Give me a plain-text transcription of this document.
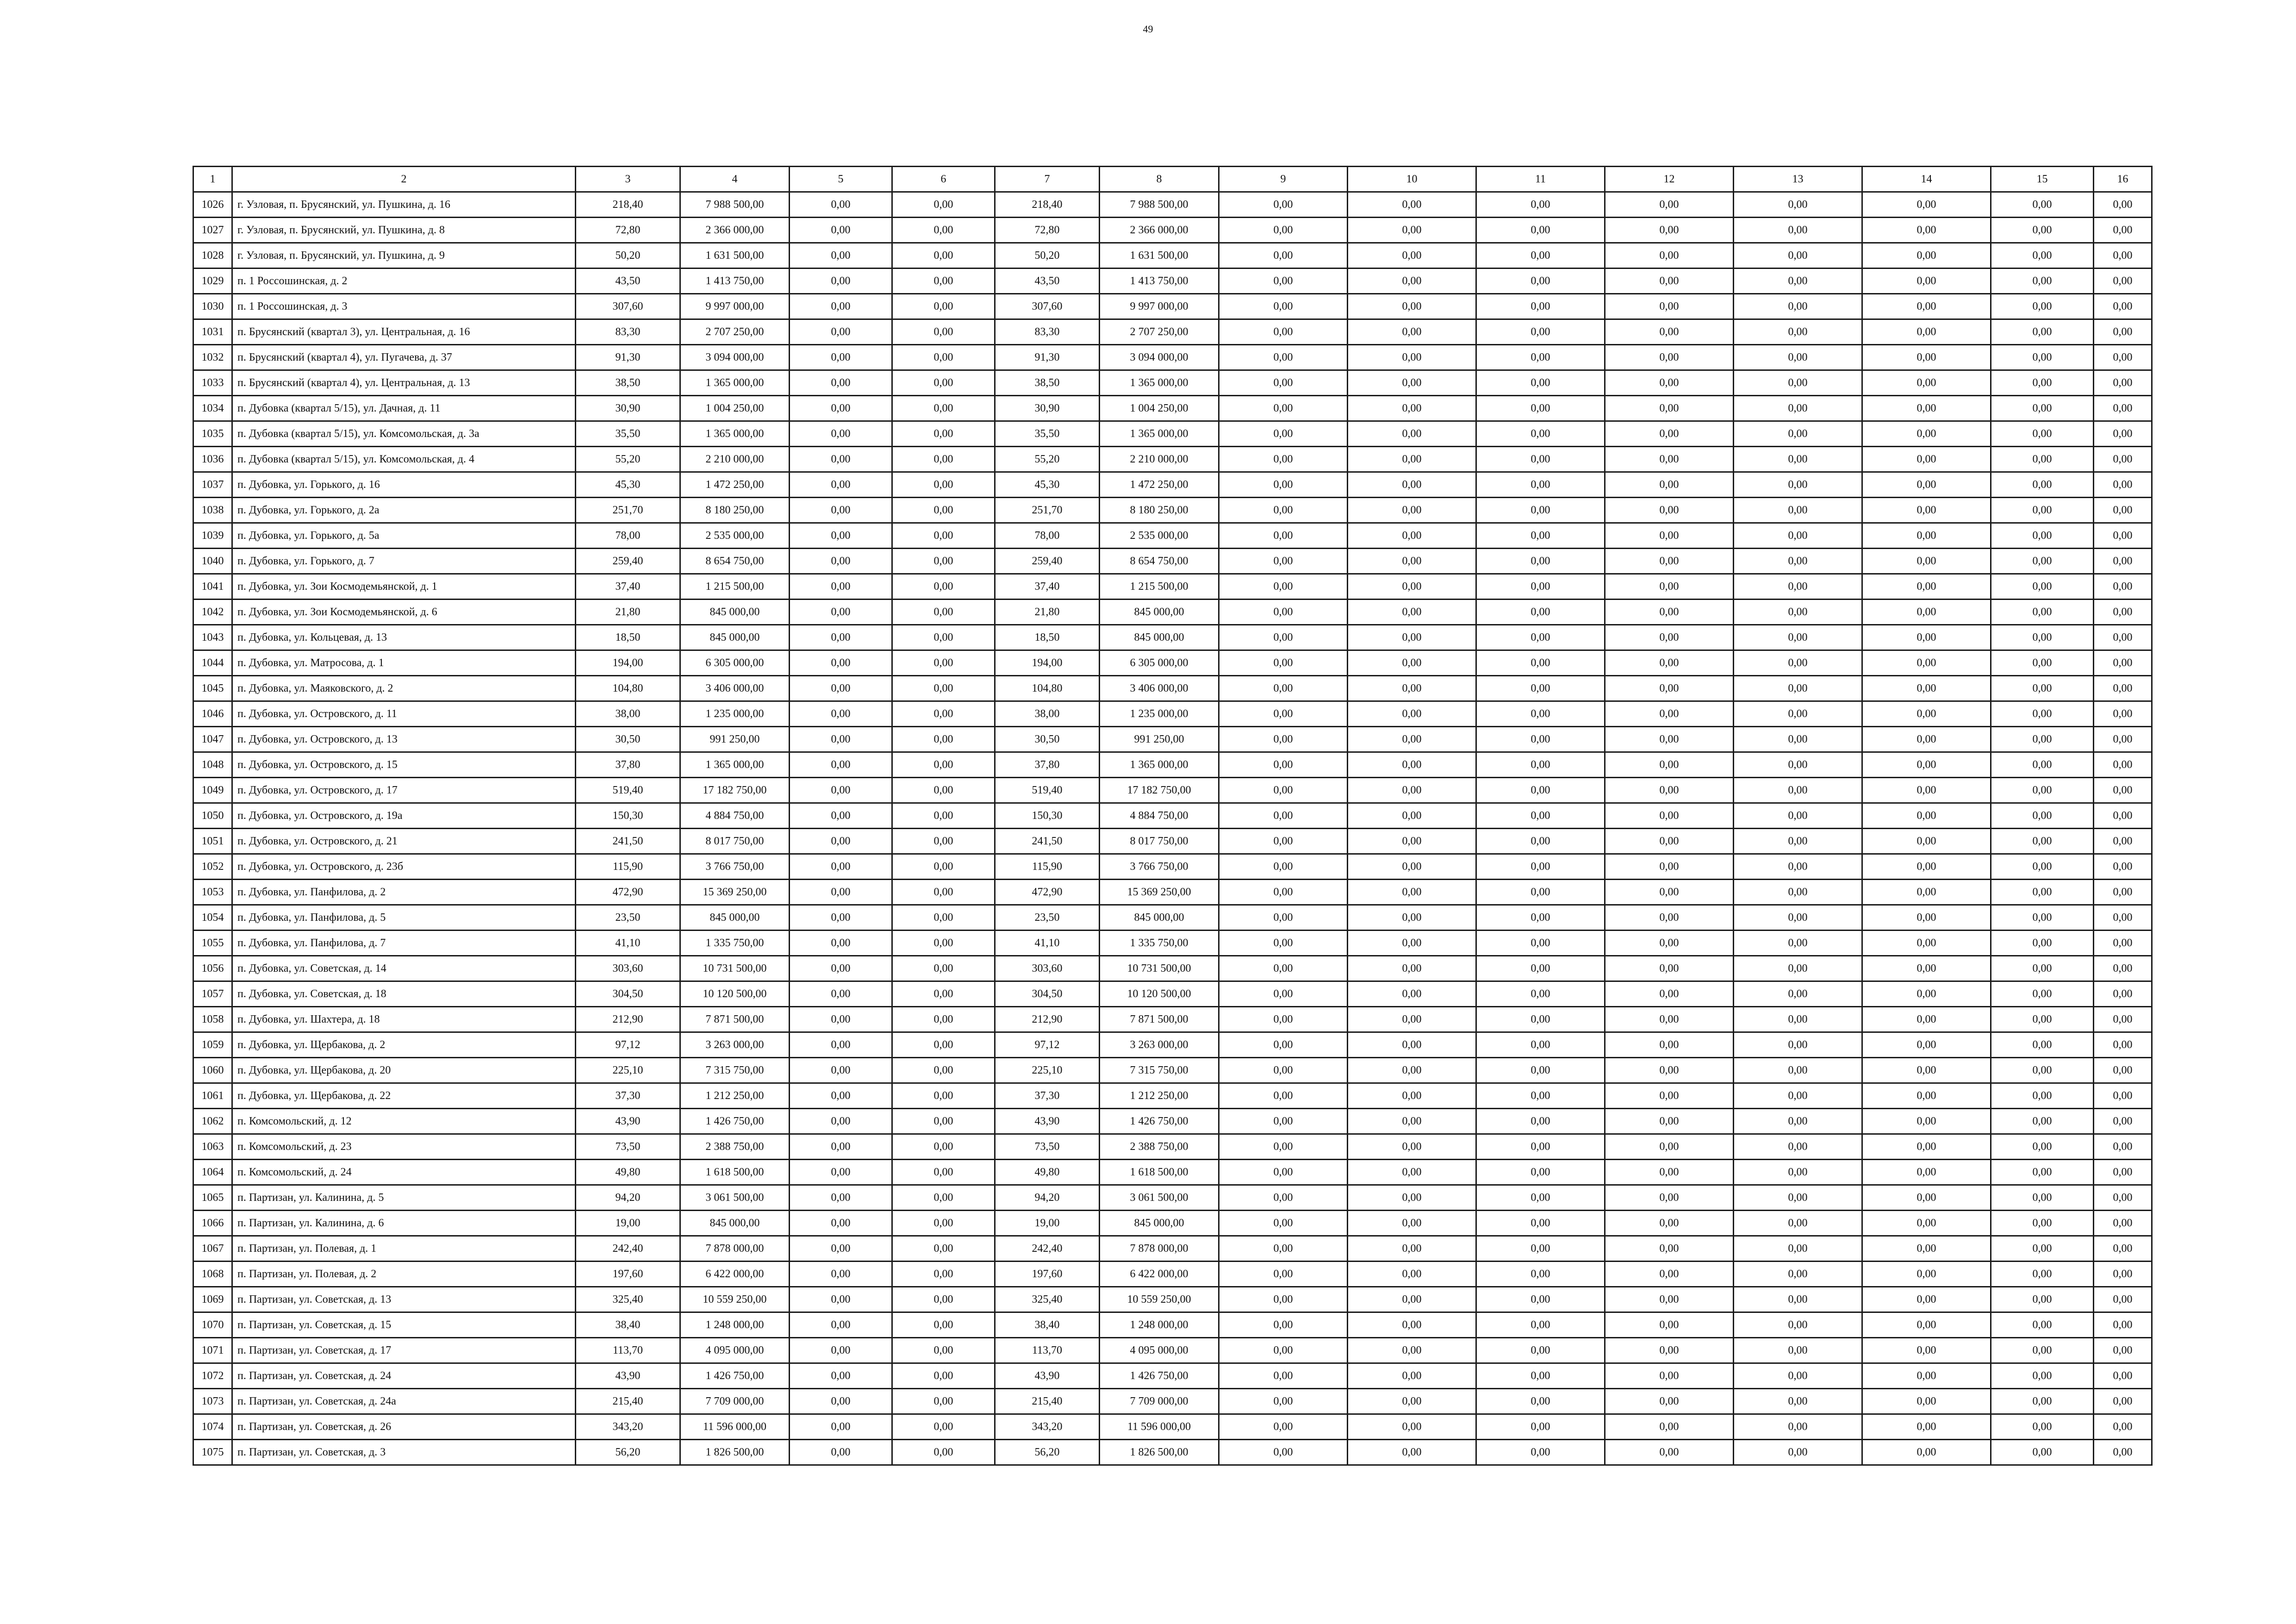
49
1	2	3	4	5	6	7	8	9	10	11	12	13	14	15	16
1026	г. Узловая, п. Брусянский, ул. Пушкина, д. 16	218,40	7 988 500,00	0,00	0,00	218,40	7 988 500,00	0,00	0,00	0,00	0,00	0,00	0,00	0,00	0,00
1027	г. Узловая, п. Брусянский, ул. Пушкина, д. 8	72,80	2 366 000,00	0,00	0,00	72,80	2 366 000,00	0,00	0,00	0,00	0,00	0,00	0,00	0,00	0,00
1028	г. Узловая, п. Брусянский, ул. Пушкина, д. 9	50,20	1 631 500,00	0,00	0,00	50,20	1 631 500,00	0,00	0,00	0,00	0,00	0,00	0,00	0,00	0,00
1029	п. 1 Россошинская, д. 2	43,50	1 413 750,00	0,00	0,00	43,50	1 413 750,00	0,00	0,00	0,00	0,00	0,00	0,00	0,00	0,00
1030	п. 1 Россошинская, д. 3	307,60	9 997 000,00	0,00	0,00	307,60	9 997 000,00	0,00	0,00	0,00	0,00	0,00	0,00	0,00	0,00
1031	п. Брусянский (квартал 3), ул. Центральная, д. 16	83,30	2 707 250,00	0,00	0,00	83,30	2 707 250,00	0,00	0,00	0,00	0,00	0,00	0,00	0,00	0,00
1032	п. Брусянский (квартал 4), ул. Пугачева, д. 37	91,30	3 094 000,00	0,00	0,00	91,30	3 094 000,00	0,00	0,00	0,00	0,00	0,00	0,00	0,00	0,00
1033	п. Брусянский (квартал 4), ул. Центральная, д. 13	38,50	1 365 000,00	0,00	0,00	38,50	1 365 000,00	0,00	0,00	0,00	0,00	0,00	0,00	0,00	0,00
1034	п. Дубовка (квартал 5/15), ул. Дачная, д. 11	30,90	1 004 250,00	0,00	0,00	30,90	1 004 250,00	0,00	0,00	0,00	0,00	0,00	0,00	0,00	0,00
1035	п. Дубовка (квартал 5/15), ул. Комсомольская, д. 3а	35,50	1 365 000,00	0,00	0,00	35,50	1 365 000,00	0,00	0,00	0,00	0,00	0,00	0,00	0,00	0,00
1036	п. Дубовка (квартал 5/15), ул. Комсомольская, д. 4	55,20	2 210 000,00	0,00	0,00	55,20	2 210 000,00	0,00	0,00	0,00	0,00	0,00	0,00	0,00	0,00
1037	п. Дубовка, ул. Горького, д. 16	45,30	1 472 250,00	0,00	0,00	45,30	1 472 250,00	0,00	0,00	0,00	0,00	0,00	0,00	0,00	0,00
1038	п. Дубовка, ул. Горького, д. 2а	251,70	8 180 250,00	0,00	0,00	251,70	8 180 250,00	0,00	0,00	0,00	0,00	0,00	0,00	0,00	0,00
1039	п. Дубовка, ул. Горького, д. 5а	78,00	2 535 000,00	0,00	0,00	78,00	2 535 000,00	0,00	0,00	0,00	0,00	0,00	0,00	0,00	0,00
1040	п. Дубовка, ул. Горького, д. 7	259,40	8 654 750,00	0,00	0,00	259,40	8 654 750,00	0,00	0,00	0,00	0,00	0,00	0,00	0,00	0,00
1041	п. Дубовка, ул. Зои Космодемьянской, д. 1	37,40	1 215 500,00	0,00	0,00	37,40	1 215 500,00	0,00	0,00	0,00	0,00	0,00	0,00	0,00	0,00
1042	п. Дубовка, ул. Зои Космодемьянской, д. 6	21,80	845 000,00	0,00	0,00	21,80	845 000,00	0,00	0,00	0,00	0,00	0,00	0,00	0,00	0,00
1043	п. Дубовка, ул. Кольцевая, д. 13	18,50	845 000,00	0,00	0,00	18,50	845 000,00	0,00	0,00	0,00	0,00	0,00	0,00	0,00	0,00
1044	п. Дубовка, ул. Матросова, д. 1	194,00	6 305 000,00	0,00	0,00	194,00	6 305 000,00	0,00	0,00	0,00	0,00	0,00	0,00	0,00	0,00
1045	п. Дубовка, ул. Маяковского, д. 2	104,80	3 406 000,00	0,00	0,00	104,80	3 406 000,00	0,00	0,00	0,00	0,00	0,00	0,00	0,00	0,00
1046	п. Дубовка, ул. Островского, д. 11	38,00	1 235 000,00	0,00	0,00	38,00	1 235 000,00	0,00	0,00	0,00	0,00	0,00	0,00	0,00	0,00
1047	п. Дубовка, ул. Островского, д. 13	30,50	991 250,00	0,00	0,00	30,50	991 250,00	0,00	0,00	0,00	0,00	0,00	0,00	0,00	0,00
1048	п. Дубовка, ул. Островского, д. 15	37,80	1 365 000,00	0,00	0,00	37,80	1 365 000,00	0,00	0,00	0,00	0,00	0,00	0,00	0,00	0,00
1049	п. Дубовка, ул. Островского, д. 17	519,40	17 182 750,00	0,00	0,00	519,40	17 182 750,00	0,00	0,00	0,00	0,00	0,00	0,00	0,00	0,00
1050	п. Дубовка, ул. Островского, д. 19а	150,30	4 884 750,00	0,00	0,00	150,30	4 884 750,00	0,00	0,00	0,00	0,00	0,00	0,00	0,00	0,00
1051	п. Дубовка, ул. Островского, д. 21	241,50	8 017 750,00	0,00	0,00	241,50	8 017 750,00	0,00	0,00	0,00	0,00	0,00	0,00	0,00	0,00
1052	п. Дубовка, ул. Островского, д. 23б	115,90	3 766 750,00	0,00	0,00	115,90	3 766 750,00	0,00	0,00	0,00	0,00	0,00	0,00	0,00	0,00
1053	п. Дубовка, ул. Панфилова, д. 2	472,90	15 369 250,00	0,00	0,00	472,90	15 369 250,00	0,00	0,00	0,00	0,00	0,00	0,00	0,00	0,00
1054	п. Дубовка, ул. Панфилова, д. 5	23,50	845 000,00	0,00	0,00	23,50	845 000,00	0,00	0,00	0,00	0,00	0,00	0,00	0,00	0,00
1055	п. Дубовка, ул. Панфилова, д. 7	41,10	1 335 750,00	0,00	0,00	41,10	1 335 750,00	0,00	0,00	0,00	0,00	0,00	0,00	0,00	0,00
1056	п. Дубовка, ул. Советская, д. 14	303,60	10 731 500,00	0,00	0,00	303,60	10 731 500,00	0,00	0,00	0,00	0,00	0,00	0,00	0,00	0,00
1057	п. Дубовка, ул. Советская, д. 18	304,50	10 120 500,00	0,00	0,00	304,50	10 120 500,00	0,00	0,00	0,00	0,00	0,00	0,00	0,00	0,00
1058	п. Дубовка, ул. Шахтера, д. 18	212,90	7 871 500,00	0,00	0,00	212,90	7 871 500,00	0,00	0,00	0,00	0,00	0,00	0,00	0,00	0,00
1059	п. Дубовка, ул. Щербакова, д. 2	97,12	3 263 000,00	0,00	0,00	97,12	3 263 000,00	0,00	0,00	0,00	0,00	0,00	0,00	0,00	0,00
1060	п. Дубовка, ул. Щербакова, д. 20	225,10	7 315 750,00	0,00	0,00	225,10	7 315 750,00	0,00	0,00	0,00	0,00	0,00	0,00	0,00	0,00
1061	п. Дубовка, ул. Щербакова, д. 22	37,30	1 212 250,00	0,00	0,00	37,30	1 212 250,00	0,00	0,00	0,00	0,00	0,00	0,00	0,00	0,00
1062	п. Комсомольский, д. 12	43,90	1 426 750,00	0,00	0,00	43,90	1 426 750,00	0,00	0,00	0,00	0,00	0,00	0,00	0,00	0,00
1063	п. Комсомольский, д. 23	73,50	2 388 750,00	0,00	0,00	73,50	2 388 750,00	0,00	0,00	0,00	0,00	0,00	0,00	0,00	0,00
1064	п. Комсомольский, д. 24	49,80	1 618 500,00	0,00	0,00	49,80	1 618 500,00	0,00	0,00	0,00	0,00	0,00	0,00	0,00	0,00
1065	п. Партизан, ул. Калинина, д. 5	94,20	3 061 500,00	0,00	0,00	94,20	3 061 500,00	0,00	0,00	0,00	0,00	0,00	0,00	0,00	0,00
1066	п. Партизан, ул. Калинина, д. 6	19,00	845 000,00	0,00	0,00	19,00	845 000,00	0,00	0,00	0,00	0,00	0,00	0,00	0,00	0,00
1067	п. Партизан, ул. Полевая, д. 1	242,40	7 878 000,00	0,00	0,00	242,40	7 878 000,00	0,00	0,00	0,00	0,00	0,00	0,00	0,00	0,00
1068	п. Партизан, ул. Полевая, д. 2	197,60	6 422 000,00	0,00	0,00	197,60	6 422 000,00	0,00	0,00	0,00	0,00	0,00	0,00	0,00	0,00
1069	п. Партизан, ул. Советская, д. 13	325,40	10 559 250,00	0,00	0,00	325,40	10 559 250,00	0,00	0,00	0,00	0,00	0,00	0,00	0,00	0,00
1070	п. Партизан, ул. Советская, д. 15	38,40	1 248 000,00	0,00	0,00	38,40	1 248 000,00	0,00	0,00	0,00	0,00	0,00	0,00	0,00	0,00
1071	п. Партизан, ул. Советская, д. 17	113,70	4 095 000,00	0,00	0,00	113,70	4 095 000,00	0,00	0,00	0,00	0,00	0,00	0,00	0,00	0,00
1072	п. Партизан, ул. Советская, д. 24	43,90	1 426 750,00	0,00	0,00	43,90	1 426 750,00	0,00	0,00	0,00	0,00	0,00	0,00	0,00	0,00
1073	п. Партизан, ул. Советская, д. 24а	215,40	7 709 000,00	0,00	0,00	215,40	7 709 000,00	0,00	0,00	0,00	0,00	0,00	0,00	0,00	0,00
1074	п. Партизан, ул. Советская, д. 26	343,20	11 596 000,00	0,00	0,00	343,20	11 596 000,00	0,00	0,00	0,00	0,00	0,00	0,00	0,00	0,00
1075	п. Партизан, ул. Советская, д. 3	56,20	1 826 500,00	0,00	0,00	56,20	1 826 500,00	0,00	0,00	0,00	0,00	0,00	0,00	0,00	0,00
